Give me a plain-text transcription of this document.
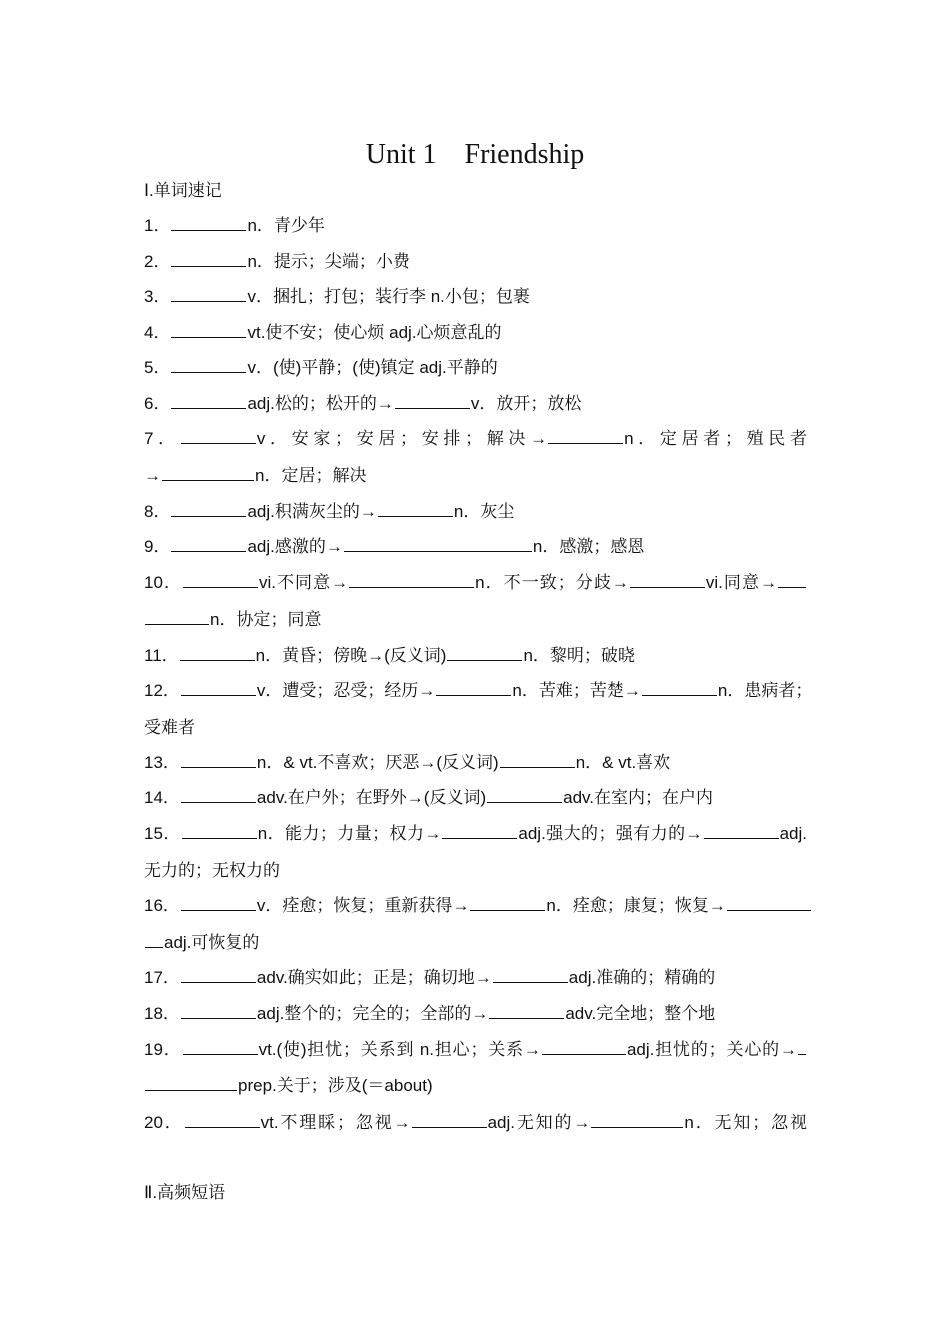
Unit 1　Friendship
Ⅰ.单词速记
1．	n．青少年
2．	n．提示；尖端；小费
3．	v．捆扎；打包；装行李 n.小包；包裹
4．	vt.使不安；使心烦 adj.心烦意乱的
5．	v．(使)平静；(使)镇定 adj.平静的
6．	adj.松的；松开的→	v．放开；放松
7．	v．安家；安居；安排；解决→	n．定居者；殖民者
→	n．定居；解决
8．	adj.积满灰尘的→	n．灰尘
9．	adj.感激的→	n．感激；感恩
10．	vi.不同意→	n．不一致；分歧→	vi.同意→
n．协定；同意
11．	n．黄昏；傍晚→(反义词)	n．黎明；破晓
12．	v．遭受；忍受；经历→	n．苦难；苦楚→	n．患病者；
受难者
13．	n．& vt.不喜欢；厌恶→(反义词)	n．& vt.喜欢
14．	adv.在户外；在野外→(反义词)	adv.在室内；在户内
15．	n．能力；力量；权力→	adj.强大的；强有力的→	adj.
无力的；无权力的
16．	v．痊愈；恢复；重新获得→	n．痊愈；康复；恢复→
adj.可恢复的
17．	adv.确实如此；正是；确切地→	adj.准确的；精确的
18．	adj.整个的；完全的；全部的→	adv.完全地；整个地
19．	vt.(使)担忧；关系到 n.担心；关系→	adj.担忧的；关心的→
prep.关于；涉及(＝about)
20．	vt.不理睬；忽视→	adj.无知的→	n．无知；忽视
Ⅱ.高频短语
